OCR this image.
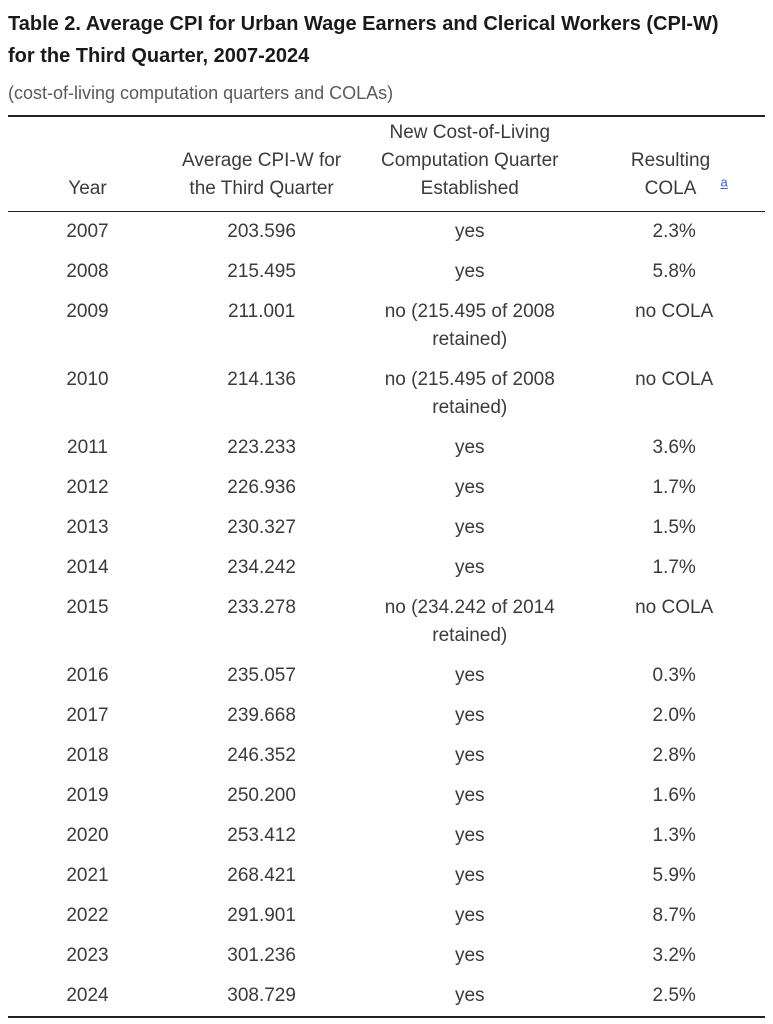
Table 2. Average CPI for Urban Wage Earners and Clerical Workers (CPI-W) for the Third Quarter, 2007-2024

(cost-of-living computation quarters and COLAs)

Year	Average CPI-W for the Third Quarter	New Cost-of-Living Computation Quarter Established	Resulting COLA $^a$
2007	203.596	yes	2.3%
2008	215.495	yes	5.8%
2009	211.001	no (215.495 of 2008 retained)	no COLA
2010	214.136	no (215.495 of 2008 retained)	no COLA
2011	223.233	yes	3.6%
2012	226.936	yes	1.7%
2013	230.327	yes	1.5%
2014	234.242	yes	1.7%
2015	233.278	no (234.242 of 2014 retained)	no COLA
2016	235.057	yes	0.3%
2017	239.668	yes	2.0%
2018	246.352	yes	2.8%
2019	250.200	yes	1.6%
2020	253.412	yes	1.3%
2021	268.421	yes	5.9%
2022	291.901	yes	8.7%
2023	301.236	yes	3.2%
2024	308.729	yes	2.5%
